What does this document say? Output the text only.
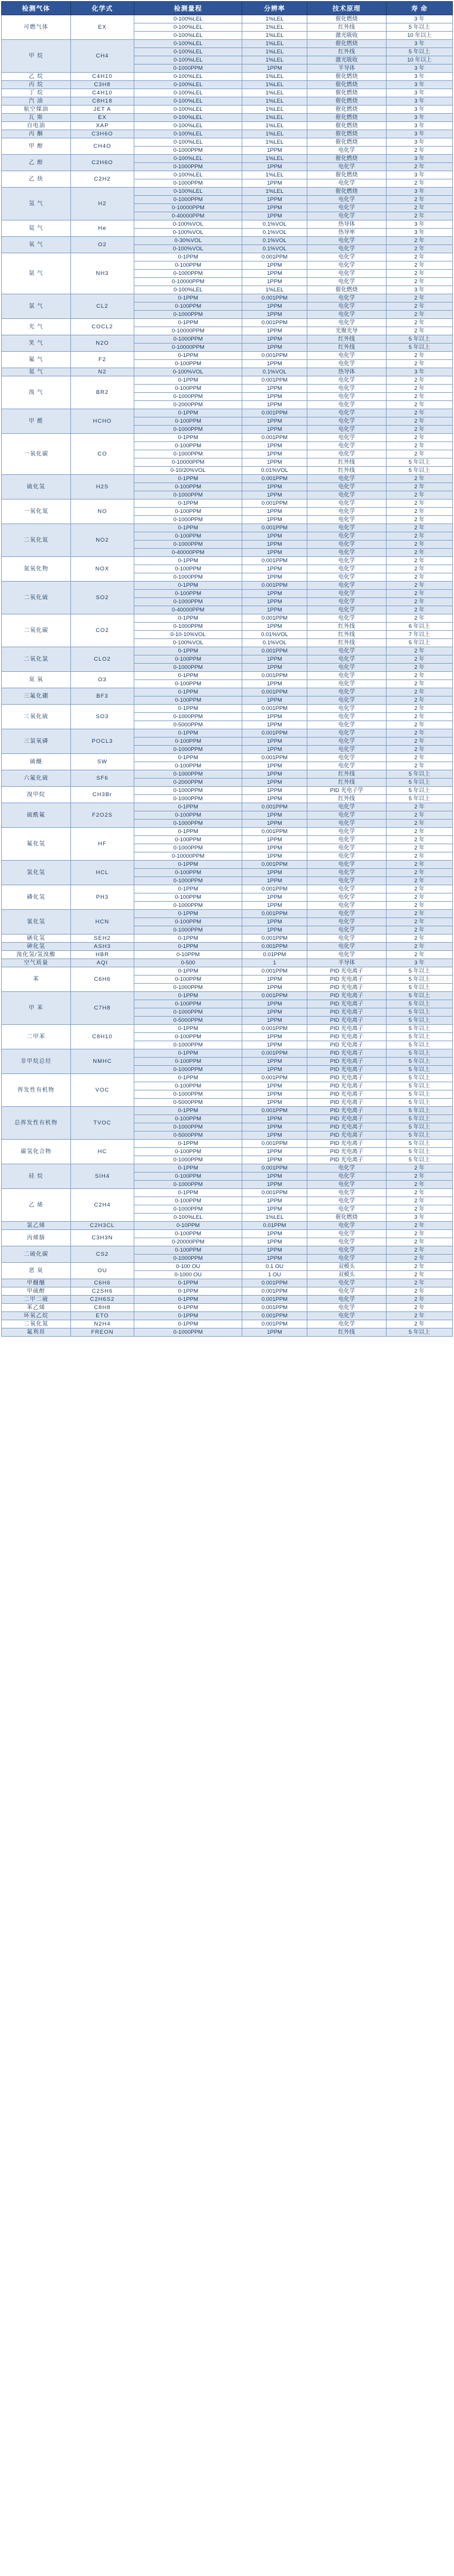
检测气体	化学式	检测量程	分辨率	技术原理	寿 命
可燃气体	EX	0-100%LEL	1%LEL	催化燃烧	3 年
		0-100%LEL	1%LEL	红外线	5 年以上
		0-100%LEL	1%LEL	激光吸收	10 年以上
甲 烷	CH4	0-100%LEL	1%LEL	催化燃烧	3 年
		0-100%LEL	1%LEL	红外线	5 年以上
		0-100%LEL	1%LEL	激光吸收	10 年以上
		0-1000PPM	1PPM	半导体	3 年
乙 烷	C4H10	0-100%LEL	1%LEL	催化燃烧	3 年
丙 烷	C3H8	0-100%LEL	1%LEL	催化燃烧	3 年
丁 烷	C4H10	0-100%LEL	1%LEL	催化燃烧	3 年
汽 油	C8H18	0-100%LEL	1%LEL	催化燃烧	3 年
航空煤油	JET A	0-100%LEL	1%LEL	催化燃烧	3 年
瓦 斯	EX	0-100%LEL	1%LEL	催化燃烧	3 年
自电油	XAP	0-100%LEL	1%LEL	催化燃烧	3 年
丙 酮	C3H6O	0-100%LEL	1%LEL	催化燃烧	3 年
甲 醇	CH4O	0-100%LEL	1%LEL	催化燃烧	3 年
		0-1000PPM	1PPM	电化学	2 年
乙 醇	C2H6O	0-100%LEL	1%LEL	催化燃烧	3 年
		0-1000PPM	1PPM	电化学	2 年
乙 炔	C2H2	0-100%LEL	1%LEL	催化燃烧	3 年
		0-1000PPM	1PPM	电化学	2 年
氢 气	H2	0-100%LEL	1%LEL	催化燃烧	3 年
		0-1000PPM	1PPM	电化学	2 年
		0-10000PPM	1PPM	电化学	2 年
		0-40000PPM	1PPM	电化学	2 年
氦 气	He	0-100%VOL	0.1%VOL	热导体	3 年
		0-100%VOL	0.1%VOL	热导率	3 年
氧 气	O2	0-30%VOL	0.1%VOL	电化学	2 年
		0-100%VOL	0.1%VOL	电化学	2 年
氨 气	NH3	0-1PPM	0.001PPM	电化学	2 年
		0-100PPM	1PPM	电化学	2 年
		0-1000PPM	1PPM	电化学	2 年
		0-10000PPM	1PPM	电化学	2 年
		0-100%LEL	1%LEL	催化燃烧	3 年
氯 气	CL2	0-1PPM	0.001PPM	电化学	2 年
		0-100PPM	1PPM	电化学	2 年
		0-1000PPM	1PPM	电化学	2 年
光 气	COCL2	0-1PPM	0.001PPM	电化学	2 年
		0-10000PPM	1PPM	光聚光导	2 年
笑 气	N2O	0-1000PPM	1PPM	红外线	5 年以上
		0-10000PPM	1PPM	红外线	5 年以上
氟 气	F2	0-1PPM	0.001PPM	电化学	2 年
		0-100PPM	1PPM	电化学	2 年
氮 气	N2	0-100%VOL	0.1%VOL	热导体	3 年
溴 气	BR2	0-1PPM	0.001PPM	电化学	2 年
		0-100PPM	1PPM	电化学	2 年
		0-1000PPM	1PPM	电化学	2 年
		0-2000PPM	1PPM	电化学	2 年
甲 醛	HCHO	0-1PPM	0.001PPM	电化学	2 年
		0-100PPM	1PPM	电化学	2 年
		0-1000PPM	1PPM	电化学	2 年
一氧化碳	CO	0-1PPM	0.001PPM	电化学	2 年
		0-100PPM	1PPM	电化学	2 年
		0-1000PPM	1PPM	电化学	2 年
		0-10000PPM	1PPM	红外线	5 年以上
		0-10/20%VOL	0.01%VOL	红外线	5 年以上
硫化氢	H2S	0-1PPM	0.001PPM	电化学	2 年
		0-100PPM	1PPM	电化学	2 年
		0-1000PPM	1PPM	电化学	2 年
一氧化氮	NO	0-1PPM	0.001PPM	电化学	2 年
		0-100PPM	1PPM	电化学	2 年
		0-1000PPM	1PPM	电化学	2 年
二氧化氮	NO2	0-1PPM	0.001PPM	电化学	2 年
		0-100PPM	1PPM	电化学	2 年
		0-1000PPM	1PPM	电化学	2 年
		0-40000PPM	1PPM	电化学	2 年
氮氧化物	NOX	0-1PPM	0.001PPM	电化学	2 年
		0-100PPM	1PPM	电化学	2 年
		0-1000PPM	1PPM	电化学	2 年
二氧化硫	SO2	0-1PPM	0.001PPM	电化学	2 年
		0-100PPM	1PPM	电化学	2 年
		0-1000PPM	1PPM	电化学	2 年
		0-40000PPM	1PPM	电化学	2 年
二氧化碳	CO2	0-1PPM	0.001PPM	电化学	2 年
		0-1000PPM	1PPM	红外线	6 年以上
		0-10-10%VOL	0.01%VOL	红外线	7 年以上
		0-100%VOL	0.1%VOL	红外线	5 年以上
二氧化氯	CLO2	0-1PPM	0.001PPM	电化学	2 年
		0-100PPM	1PPM	电化学	2 年
		0-1000PPM	1PPM	电化学	2 年
臭 氧	O3	0-1PPM	0.001PPM	电化学	2 年
		0-100PPM	1PPM	电化学	2 年
三氟化硼	BF3	0-1PPM	0.001PPM	电化学	2 年
		0-100PPM	1PPM	电化学	2 年
三氧化硫	SO3	0-1PPM	0.001PPM	电化学	2 年
		0-1000PPM	1PPM	电化学	2 年
		0-5000PPM	1PPM	电化学	2 年
三氯氧磷	POCL3	0-1PPM	0.001PPM	电化学	2 年
		0-100PPM	1PPM	电化学	2 年
		0-1000PPM	1PPM	电化学	2 年
硫醚	SW	0-1PPM	0.001PPM	电化学	2 年
		0-100PPM	1PPM	电化学	2 年
六氟化硫	SF6	0-1000PPM	1PPM	红外线	5 年以上
		0-2000PPM	1PPM	红外线	5 年以上
溴甲烷	CH3Br	0-1000PPM	1PPM	PID 光电子学	5 年以上
		0-1000PPM	1PPM	红外线	5 年以上
硫酰氟	F2O2S	0-1PPM	0.001PPM	电化学	2 年
		0-100PPM	1PPM	电化学	2 年
		0-1000PPM	1PPM	电化学	2 年
氟化氢	HF	0-1PPM	0.001PPM	电化学	2 年
		0-100PPM	1PPM	电化学	2 年
		0-1000PPM	1PPM	电化学	2 年
		0-10000PPM	1PPM	电化学	2 年
氯化氢	HCL	0-1PPM	0.001PPM	电化学	2 年
		0-100PPM	1PPM	电化学	2 年
		0-1000PPM	1PPM	电化学	2 年
磷化氢	PH3	0-1PPM	0.001PPM	电化学	2 年
		0-100PPM	1PPM	电化学	2 年
		0-1000PPM	1PPM	电化学	2 年
氰化氢	HCN	0-1PPM	0.001PPM	电化学	2 年
		0-100PPM	1PPM	电化学	2 年
		0-1000PPM	1PPM	电化学	2 年
硒化氢	SEH2	0-1PPM	0.001PPM	电化学	2 年
砷化氢	ASH3	0-1PPM	0.001PPM	电化学	2 年
溴化氢/氢溴酸	HBR	0-10PPM	0.01PPM	电化学	2 年
空气质量	AQI	0-500	1	半导体	3 年
苯	C6H6	0-1PPM	0.001PPM	PID 光电离子	5 年以上
		0-100PPM	1PPM	PID 光电离子	5 年以上
		0-1000PPM	1PPM	PID 光电离子	5 年以上
甲 苯	C7H8	0-1PPM	0.001PPM	PID 光电离子	5 年以上
		0-100PPM	1PPM	PID 光电离子	5 年以上
		0-1000PPM	1PPM	PID 光电离子	5 年以上
		0-5000PPM	1PPM	PID 光电离子	5 年以上
二甲苯	C8H10	0-1PPM	0.001PPM	PID 光电离子	5 年以上
		0-100PPM	1PPM	PID 光电离子	5 年以上
		0-1000PPM	1PPM	PID 光电离子	5 年以上
非甲烷总烃	NMHC	0-1PPM	0.001PPM	PID 光电离子	5 年以上
		0-100PPM	1PPM	PID 光电离子	5 年以上
		0-1000PPM	1PPM	PID 光电离子	5 年以上
挥发性有机物	VOC	0-1PPM	0.001PPM	PID 光电离子	5 年以上
		0-100PPM	1PPM	PID 光电离子	5 年以上
		0-1000PPM	1PPM	PID 光电离子	5 年以上
		0-5000PPM	1PPM	PID 光电离子	5 年以上
总挥发性有机物	TVOC	0-1PPM	0.001PPM	PID 光电离子	5 年以上
		0-100PPM	1PPM	PID 光电离子	5 年以上
		0-1000PPM	1PPM	PID 光电离子	5 年以上
		0-5000PPM	1PPM	PID 光电离子	5 年以上
碳氢化合物	HC	0-1PPM	0.001PPM	PID 光电离子	5 年以上
		0-100PPM	1PPM	PID 光电离子	5 年以上
		0-1000PPM	1PPM	PID 光电离子	5 年以上
硅 烷	SIH4	0-1PPM	0.001PPM	电化学	2 年
		0-100PPM	1PPM	电化学	2 年
		0-1000PPM	1PPM	电化学	2 年
乙 烯	C2H4	0-1PPM	0.001PPM	电化学	2 年
		0-100PPM	1PPM	电化学	2 年
		0-1000PPM	1PPM	电化学	2 年
		0-100%LEL	1%LEL	催化燃烧	3 年
氯乙烯	C2H3CL	0-10PPM	0.01PPM	电化学	2 年
丙烯腈	C3H3N	0-100PPM	1PPM	电化学	2 年
		0-20000PPM	1PPM	电化学	2 年
二硫化碳	CS2	0-100PPM	1PPM	电化学	2 年
		0-1000PPM	1PPM	电化学	2 年
恶 臭	OU	0-100 OU	0.1 OU	双模头	2 年
		0-1000 OU	1 OU	双模头	2 年
甲醚醚	C6H6	0-1PPM	0.001PPM	电化学	2 年
甲硫醇	C2SH6	0-1PPM	0.001PPM	电化学	2 年
二甲二硫	C2H6S2	0-1PPM	0.001PPM	电化学	2 年
苯乙烯	C8H8	0-1PPM	0.001PPM	电化学	2 年
环氧乙烷	ETO	0-1PPM	0.001PPM	电化学	2 年
二氧化氮	N2H4	0-1PPM	0.001PPM	电化学	2 年
氟利昂	FREON	0-1000PPM	1PPM	红外线	5 年以上
